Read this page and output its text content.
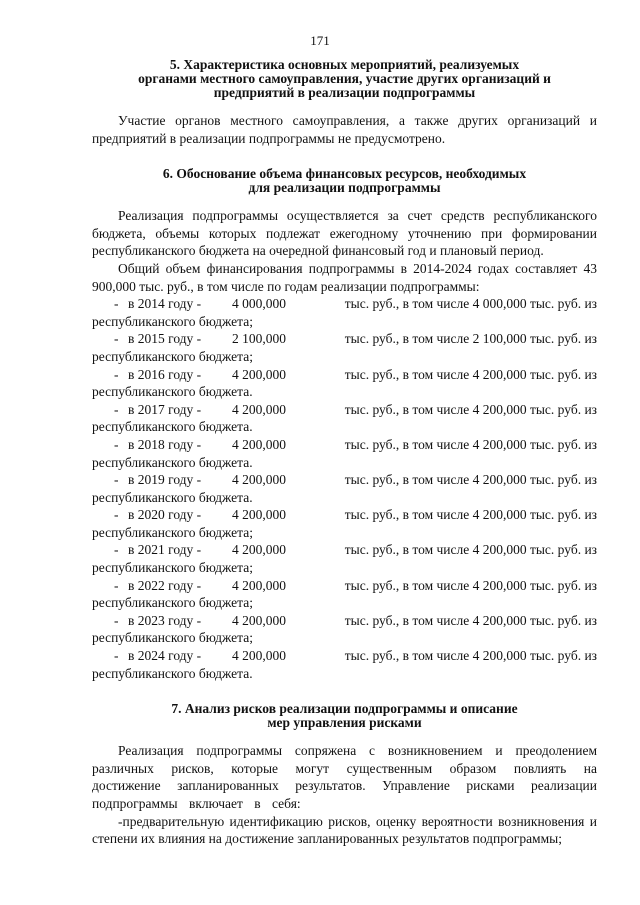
171
5. Характеристика основных мероприятий, реализуемых
органами местного самоуправления, участие других организаций и
предприятий в реализации подпрограммы

Участие органов местного самоуправления, а также других организаций и предприятий в реализации подпрограммы не предусмотрено.

6. Обоснование объема финансовых ресурсов, необходимых
для реализации подпрограммы

Реализация подпрограммы осуществляется за счет средств республиканского бюджета, объемы которых подлежат ежегодному уточнению при формировании республиканского бюджета на очередной финансовый год и плановый период.

Общий объем финансирования подпрограммы в 2014-2024 годах составляет 43 900,000 тыс. руб., в том числе по годам реализации подпрограммы:

- в 2014 году -	4 000,000	тыс. руб., в том числе 4 000,000 тыс. руб. из
республиканского бюджета;
- в 2015 году -	2 100,000	тыс. руб., в том числе 2 100,000 тыс. руб. из
республиканского бюджета;
- в 2016 году -	4 200,000	тыс. руб., в том числе 4 200,000 тыс. руб. из
республиканского бюджета.
- в 2017 году -	4 200,000	тыс. руб., в том числе 4 200,000 тыс. руб. из
республиканского бюджета.
- в 2018 году -	4 200,000	тыс. руб., в том числе 4 200,000 тыс. руб. из
республиканского бюджета.
- в 2019 году -	4 200,000	тыс. руб., в том числе 4 200,000 тыс. руб. из
республиканского бюджета.
- в 2020 году -	4 200,000	тыс. руб., в том числе 4 200,000 тыс. руб. из
республиканского бюджета;
- в 2021 году -	4 200,000	тыс. руб., в том числе 4 200,000 тыс. руб. из
республиканского бюджета;
- в 2022 году -	4 200,000	тыс. руб., в том числе 4 200,000 тыс. руб. из
республиканского бюджета;
- в 2023 году -	4 200,000	тыс. руб., в том числе 4 200,000 тыс. руб. из
республиканского бюджета;
- в 2024 году -	4 200,000	тыс. руб., в том числе 4 200,000 тыс. руб. из
республиканского бюджета.
7. Анализ рисков реализации подпрограммы и описание
мер управления рисками

Реализация подпрограммы сопряжена с возникновением и преодолением различных рисков, которые могут существенным образом повлиять на достижение запланированных результатов. Управление рисками реализации подпрограммы включает в себя:

-предварительную идентификацию рисков, оценку вероятности возникновения и степени их влияния на достижение запланированных результатов подпрограммы;
